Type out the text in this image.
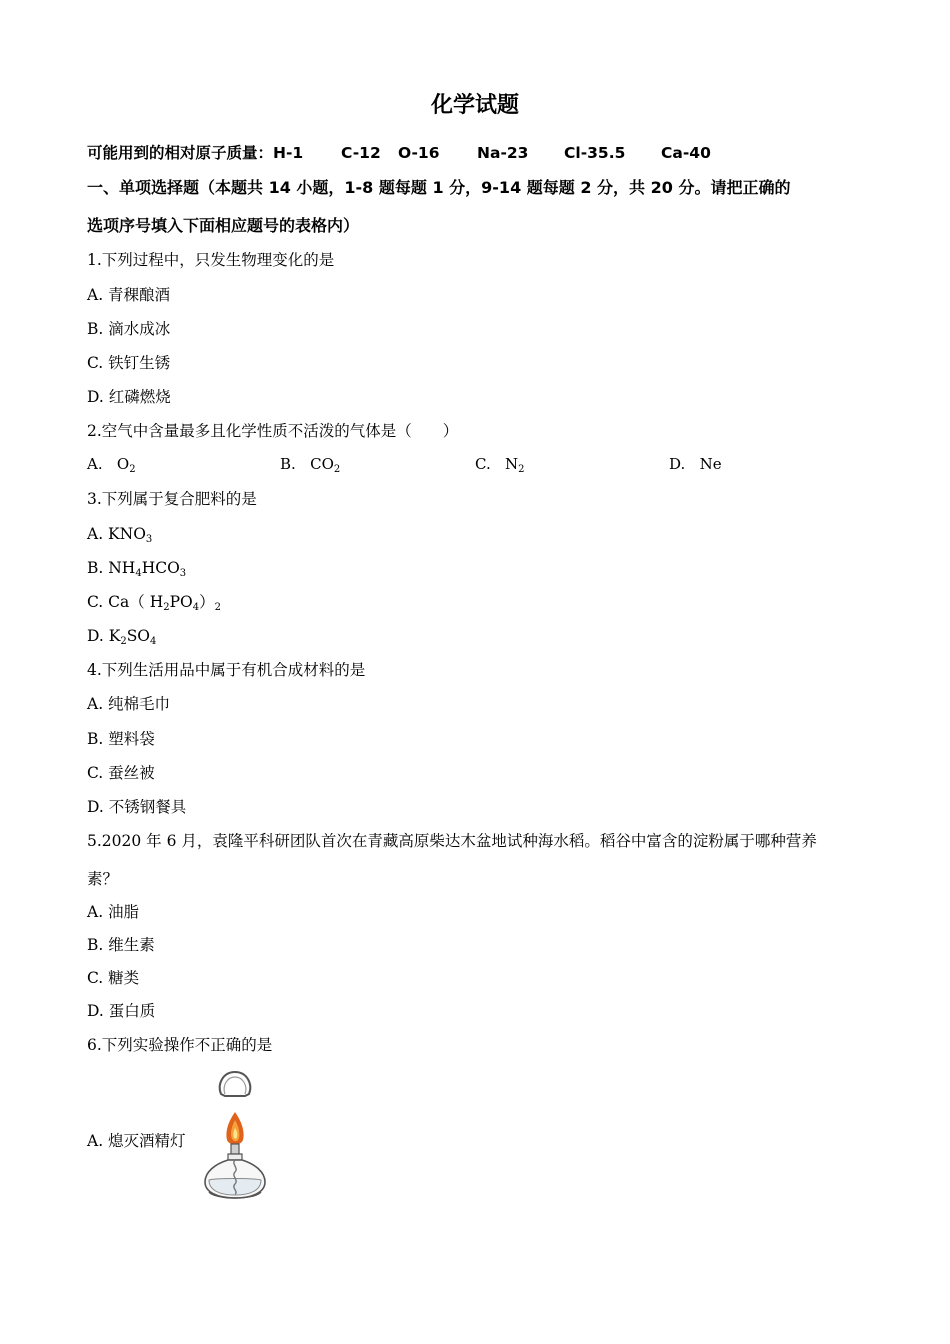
化学试题
可能用到的相对原子质量：H-1 C-12 O-16 Na-23 Cl-35.5 Ca-40
一、单项选择题（本题共 14 小题，1-8 题每题 1 分，9-14 题每题 2 分，共 20 分。请把正确的
选项序号填入下面相应题号的表格内）
1.下列过程中，只发生物理变化的是
A. 青稞酿酒
B. 滴水成冰
C. 铁钉生锈
D. 红磷燃烧
2.空气中含量最多且化学性质不活泼的气体是（　　）
A. $O_2$	B. $CO_2$	C. $N_2$	D. Ne
3.下列属于复合肥料的是
A. $KNO_3$
B. $NH_4HCO_3$
C. Ca（ $H_2PO_4)_2$
D. $K_2SO_4$
4.下列生活用品中属于有机合成材料的是
A. 纯棉毛巾
B. 塑料袋
C. 蚕丝被
D. 不锈钢餐具
5.2020 年 6 月，袁隆平科研团队首次在青藏高原柴达木盆地试种海水稻。稻谷中富含的淀粉属于哪种营养
素？
A. 油脂
B. 维生素
C. 糖类
D. 蛋白质
6.下列实验操作不正确的是
A. 熄灭酒精灯
